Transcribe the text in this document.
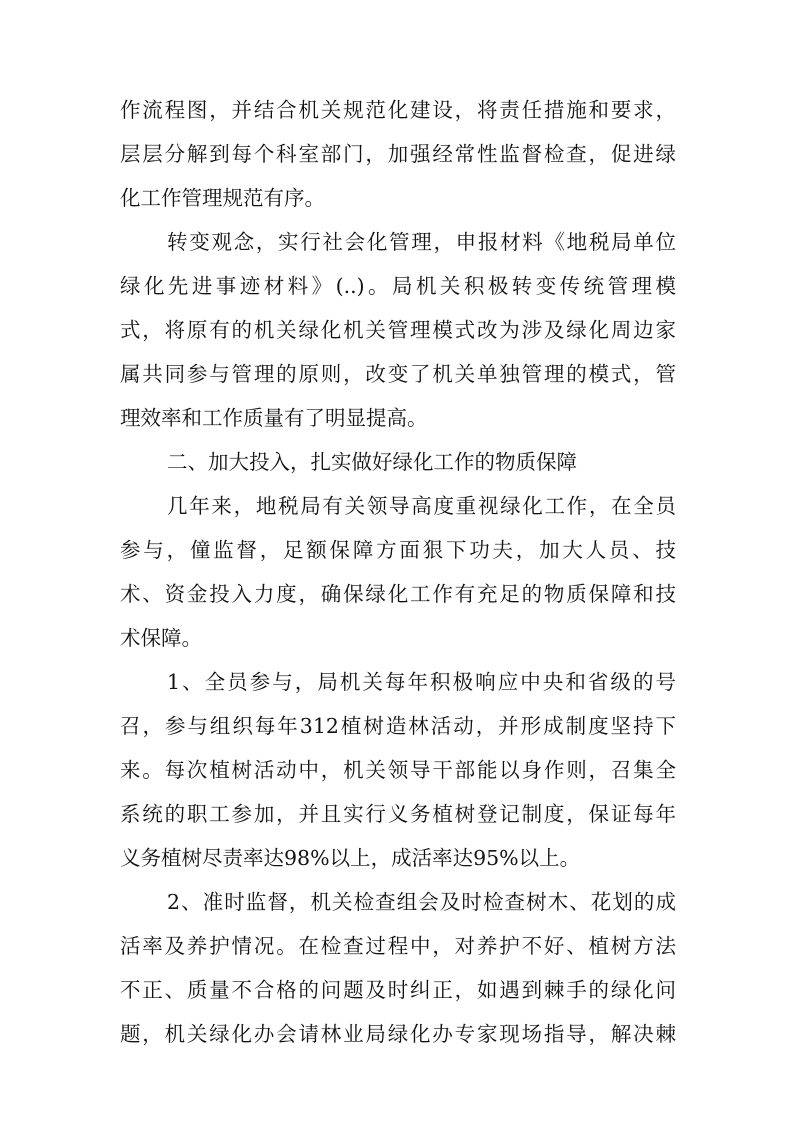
作流程图，并结合机关规范化建设，将责任措施和要求，
层层分解到每个科室部门，加强经常性监督检查，促进绿
化工作管理规范有序。
转变观念，实行社会化管理，申报材料《地税局单位
绿化先进事迹材料》(..)。局机关积极转变传统管理模
式，将原有的机关绿化机关管理模式改为涉及绿化周边家
属共同参与管理的原则，改变了机关单独管理的模式，管
理效率和工作质量有了明显提高。
二、加大投入，扎实做好绿化工作的物质保障
几年来，地税局有关领导高度重视绿化工作，在全员
参与，僮监督，足额保障方面狠下功夫，加大人员、技
术、资金投入力度，确保绿化工作有充足的物质保障和技
术保障。
1、全员参与，局机关每年积极响应中央和省级的号
召，参与组织每年312植树造林活动，并形成制度坚持下
来。每次植树活动中，机关领导干部能以身作则，召集全
系统的职工参加，并且实行义务植树登记制度，保证每年
义务植树尽责率达98%以上，成活率达95%以上。
2、准时监督，机关检查组会及时检查树木、花划的成
活率及养护情况。在检查过程中，对养护不好、植树方法
不正、质量不合格的问题及时纠正，如遇到棘手的绿化问
题，机关绿化办会请林业局绿化办专家现场指导，解决棘
